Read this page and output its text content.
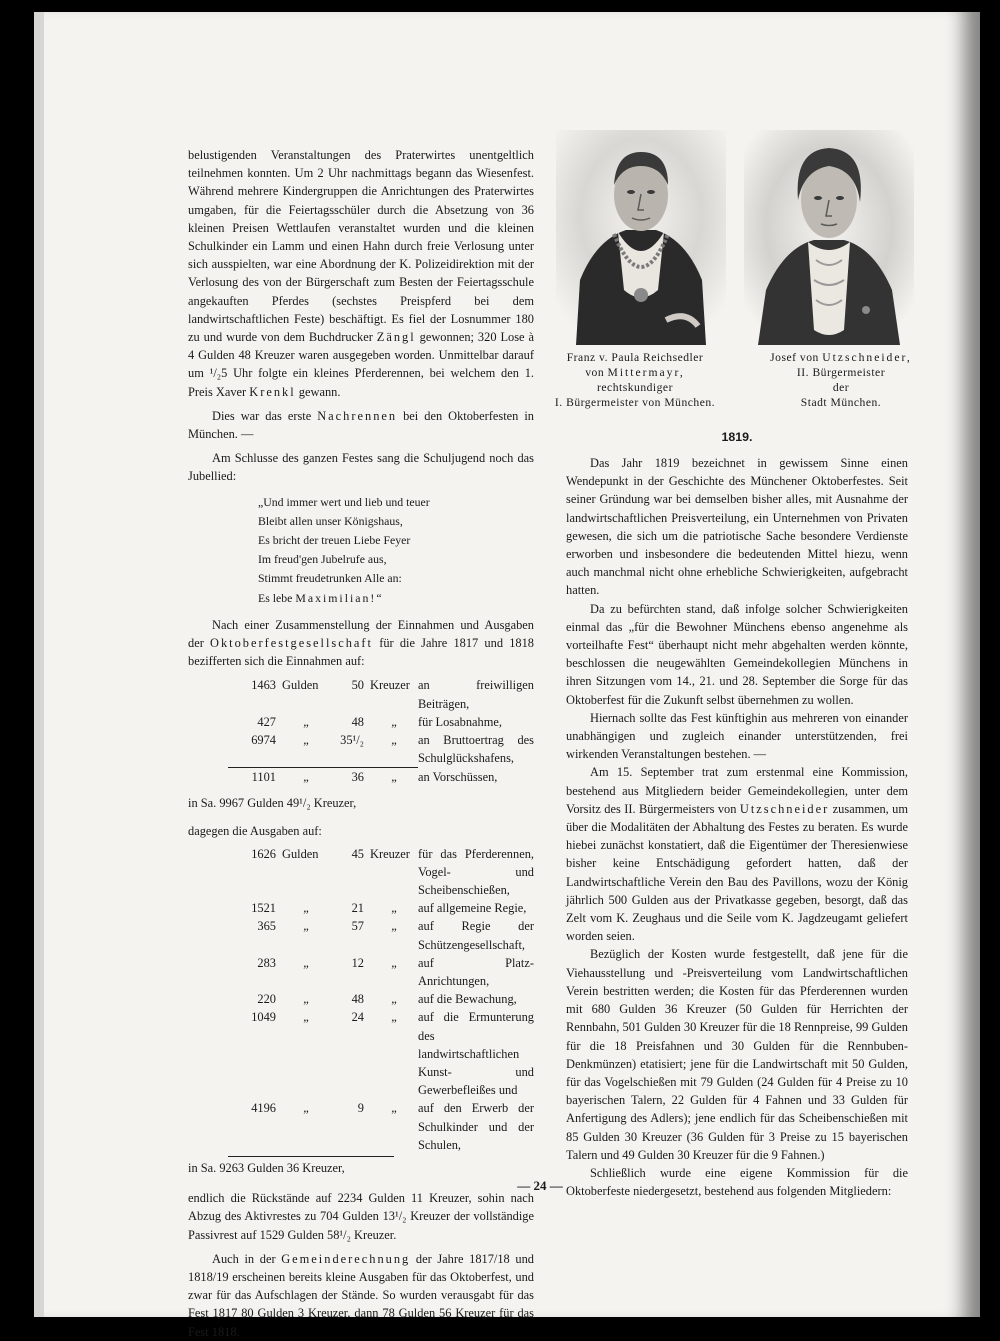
belustigenden Veranstaltungen des Praterwirtes unentgeltlich teilnehmen konnten. Um 2 Uhr nachmittags begann das Wiesenfest. Während mehrere Kindergruppen die Anrichtungen des Praterwirtes umgaben, für die Feiertagsschüler durch die Absetzung von 36 kleinen Preisen Wettlaufen veranstaltet wurden und die kleinen Schulkinder ein Lamm und einen Hahn durch freie Verlosung unter sich ausspielten, war eine Abordnung der K. Polizeidirektion mit der Verlosung des von der Bürgerschaft zum Besten der Feiertagsschule angekauften Pferdes (sechstes Preispferd bei dem landwirtschaftlichen Feste) beschäftigt. Es fiel der Losnummer 180 zu und wurde von dem Buchdrucker Zängl gewonnen; 320 Lose à 4 Gulden 48 Kreuzer waren ausgegeben worden. Unmittelbar darauf um ¹/₂5 Uhr folgte ein kleines Pferderennen, bei welchem den 1. Preis Xaver Krenkl gewann.

Dies war das erste Nachrennen bei den Oktoberfesten in München. —

Am Schlusse des ganzen Festes sang die Schuljugend noch das Jubellied:

„Und immer wert und lieb und teuer
Bleibt allen unser Königshaus,
Es bricht der treuen Liebe Feyer
Im freud'gen Jubelrufe aus,
Stimmt freudetrunken Alle an:
Es lebe Maximilian!“

Nach einer Zusammenstellung der Einnahmen und Ausgaben der Oktoberfestgesellschaft für die Jahre 1817 und 1818 bezifferten sich die Einnahmen auf:

1463	Gulden	50	Kreuzer	an freiwilligen Beiträgen,
427	„	48	„	für Losabnahme,
6974	„	35¹/₂	„	an Bruttoertrag des Schulglückshafens,
1101	„	36	„	an Vorschüssen,

in Sa. 9967 Gulden 49¹/₂ Kreuzer,

dagegen die Ausgaben auf:

1626	Gulden	45	Kreuzer	für das Pferderennen, Vogel- und Scheibenschießen,
1521	„	21	„	auf allgemeine Regie,
365	„	57	„	auf Regie der Schützengesellschaft,
283	„	12	„	auf Platz-Anrichtungen,
220	„	48	„	auf die Bewachung,
1049	„	24	„	auf die Ermunterung des landwirtschaftlichen Kunst- und Gewerbefleißes und
4196	„	9	„	auf den Erwerb der Schulkinder und der Schulen,

in Sa. 9263 Gulden 36 Kreuzer,

endlich die Rückstände auf 2234 Gulden 11 Kreuzer, sohin nach Abzug des Aktivrestes zu 704 Gulden 13¹/₂ Kreuzer der vollständige Passivrest auf 1529 Gulden 58¹/₂ Kreuzer.

Auch in der Gemeinderechnung der Jahre 1817/18 und 1818/19 erscheinen bereits kleine Ausgaben für das Oktoberfest, und zwar für das Aufschlagen der Stände. So wurden verausgabt für das Fest 1817 80 Gulden 3 Kreuzer, dann 78 Gulden 56 Kreuzer für das Fest 1818.

Franz v. Paula Reichsedler
von Mittermayr,
rechtskundiger
I. Bürgermeister von München.
Josef von Utzschneider,
II. Bürgermeister
der
Stadt München.
1819.

Das Jahr 1819 bezeichnet in gewissem Sinne einen Wendepunkt in der Geschichte des Münchener Oktoberfestes. Seit seiner Gründung war bei demselben bisher alles, mit Ausnahme der landwirtschaftlichen Preisverteilung, ein Unternehmen von Privaten gewesen, die sich um die patriotische Sache besondere Verdienste erworben und insbesondere die bedeutenden Mittel hiezu, wenn auch manchmal nicht ohne erhebliche Schwierigkeiten, aufgebracht hatten.

Da zu befürchten stand, daß infolge solcher Schwierigkeiten einmal das „für die Bewohner Münchens ebenso angenehme als vorteilhafte Fest“ überhaupt nicht mehr abgehalten werden könnte, beschlossen die neugewählten Gemeindekollegien Münchens in ihren Sitzungen vom 14., 21. und 28. September die Sorge für das Oktoberfest für die Zukunft selbst übernehmen zu wollen.

Hiernach sollte das Fest künftighin aus mehreren von einander unabhängigen und zugleich einander unterstützenden, frei wirkenden Veranstaltungen bestehen. —

Am 15. September trat zum erstenmal eine Kommission, bestehend aus Mitgliedern beider Gemeindekollegien, unter dem Vorsitz des II. Bürgermeisters von Utzschneider zusammen, um über die Modalitäten der Abhaltung des Festes zu beraten. Es wurde hiebei zunächst konstatiert, daß die Eigentümer der Theresienwiese bisher keine Entschädigung gefordert hatten, daß der Landwirtschaftliche Verein den Bau des Pavillons, wozu der König jährlich 500 Gulden aus der Privatkasse gegeben, besorgt, daß das Zelt vom K. Zeughaus und die Seile vom K. Jagdzeugamt geliefert worden seien.

Bezüglich der Kosten wurde festgestellt, daß jene für die Viehausstellung und -Preisverteilung vom Landwirtschaftlichen Verein bestritten werden; die Kosten für das Pferderennen wurden mit 680 Gulden 36 Kreuzer (50 Gulden für Herrichten der Rennbahn, 501 Gulden 30 Kreuzer für die 18 Rennpreise, 99 Gulden für die 18 Preisfahnen und 30 Gulden für die Rennbuben-Denkmünzen) etatisiert; jene für die Landwirtschaft mit 50 Gulden, für das Vogelschießen mit 79 Gulden (24 Gulden für 4 Preise zu 10 bayerischen Talern, 22 Gulden für 4 Fahnen und 33 Gulden für Anfertigung des Adlers); jene endlich für das Scheibenschießen mit 85 Gulden 30 Kreuzer (36 Gulden für 3 Preise zu 15 bayerischen Talern und 49 Gulden 30 Kreuzer für die 9 Fahnen.)

Schließlich wurde eine eigene Kommission für die Oktoberfeste niedergesetzt, bestehend aus folgenden Mitgliedern:

— 24 —
